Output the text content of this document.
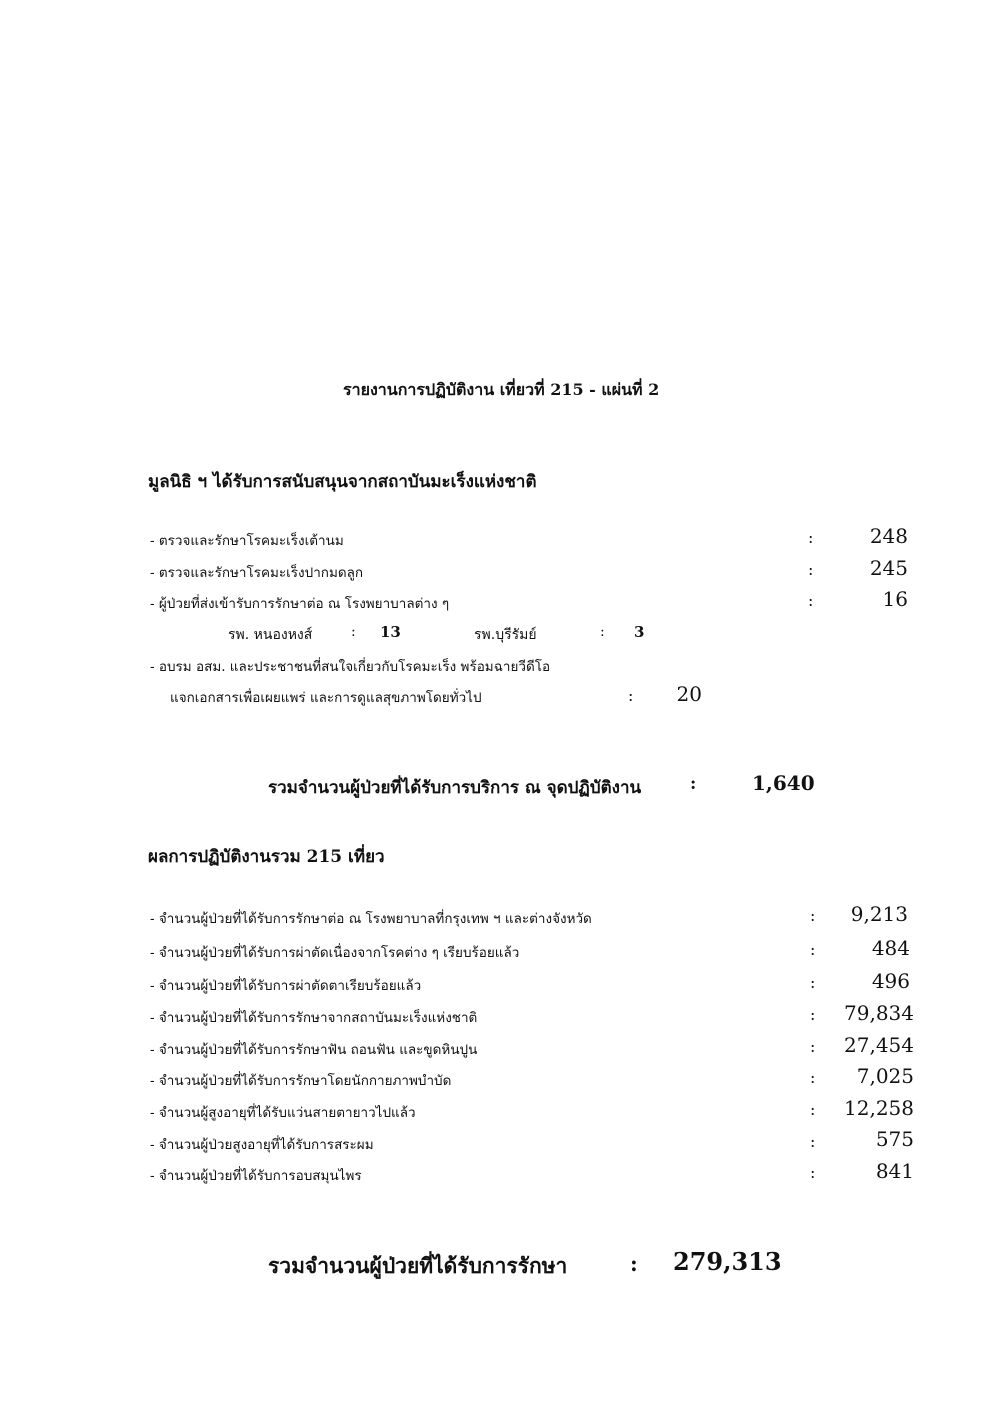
รายงานการปฏิบัติงาน เที่ยวที่ 215 - แผ่นที่ 2
มูลนิธิ ฯ ได้รับการสนับสนุนจากสถาบันมะเร็งแห่งชาติ
- ตรวจและรักษาโรคมะเร็งเต้านม	:	248
- ตรวจและรักษาโรคมะเร็งปากมดลูก	:	245
- ผู้ป่วยที่ส่งเข้ารับการรักษาต่อ ณ โรงพยาบาลต่าง ๆ	:	16
รพ. หนองหงส์	: 13	รพ.บุรีรัมย์	: 3
- อบรม อสม. และประชาชนที่สนใจเกี่ยวกับโรคมะเร็ง พร้อมฉายวีดีโอ
แจกเอกสารเพื่อเผยแพร่ และการดูแลสุขภาพโดยทั่วไป	:	20
รวมจำนวนผู้ป่วยที่ได้รับการบริการ ณ จุดปฏิบัติงาน	:	1,640
ผลการปฏิบัติงานรวม 215 เที่ยว
- จำนวนผู้ป่วยที่ได้รับการรักษาต่อ ณ โรงพยาบาลที่กรุงเทพ ฯ และต่างจังหวัด	:	9,213
- จำนวนผู้ป่วยที่ได้รับการผ่าตัดเนื่องจากโรคต่าง ๆ เรียบร้อยแล้ว	:	484
- จำนวนผู้ป่วยที่ได้รับการผ่าตัดตาเรียบร้อยแล้ว	:	496
- จำนวนผู้ป่วยที่ได้รับการรักษาจากสถาบันมะเร็งแห่งชาติ	:	79,834
- จำนวนผู้ป่วยที่ได้รับการรักษาฟัน ถอนฟัน และขูดหินปูน	:	27,454
- จำนวนผู้ป่วยที่ได้รับการรักษาโดยนักกายภาพบำบัด	:	7,025
- จำนวนผู้สูงอายุที่ได้รับแว่นสายตายาวไปแล้ว	:	12,258
- จำนวนผู้ป่วยสูงอายุที่ได้รับการสระผม	:	575
- จำนวนผู้ป่วยที่ได้รับการอบสมุนไพร	:	841
รวมจำนวนผู้ป่วยที่ได้รับการรักษา	: 279,313
